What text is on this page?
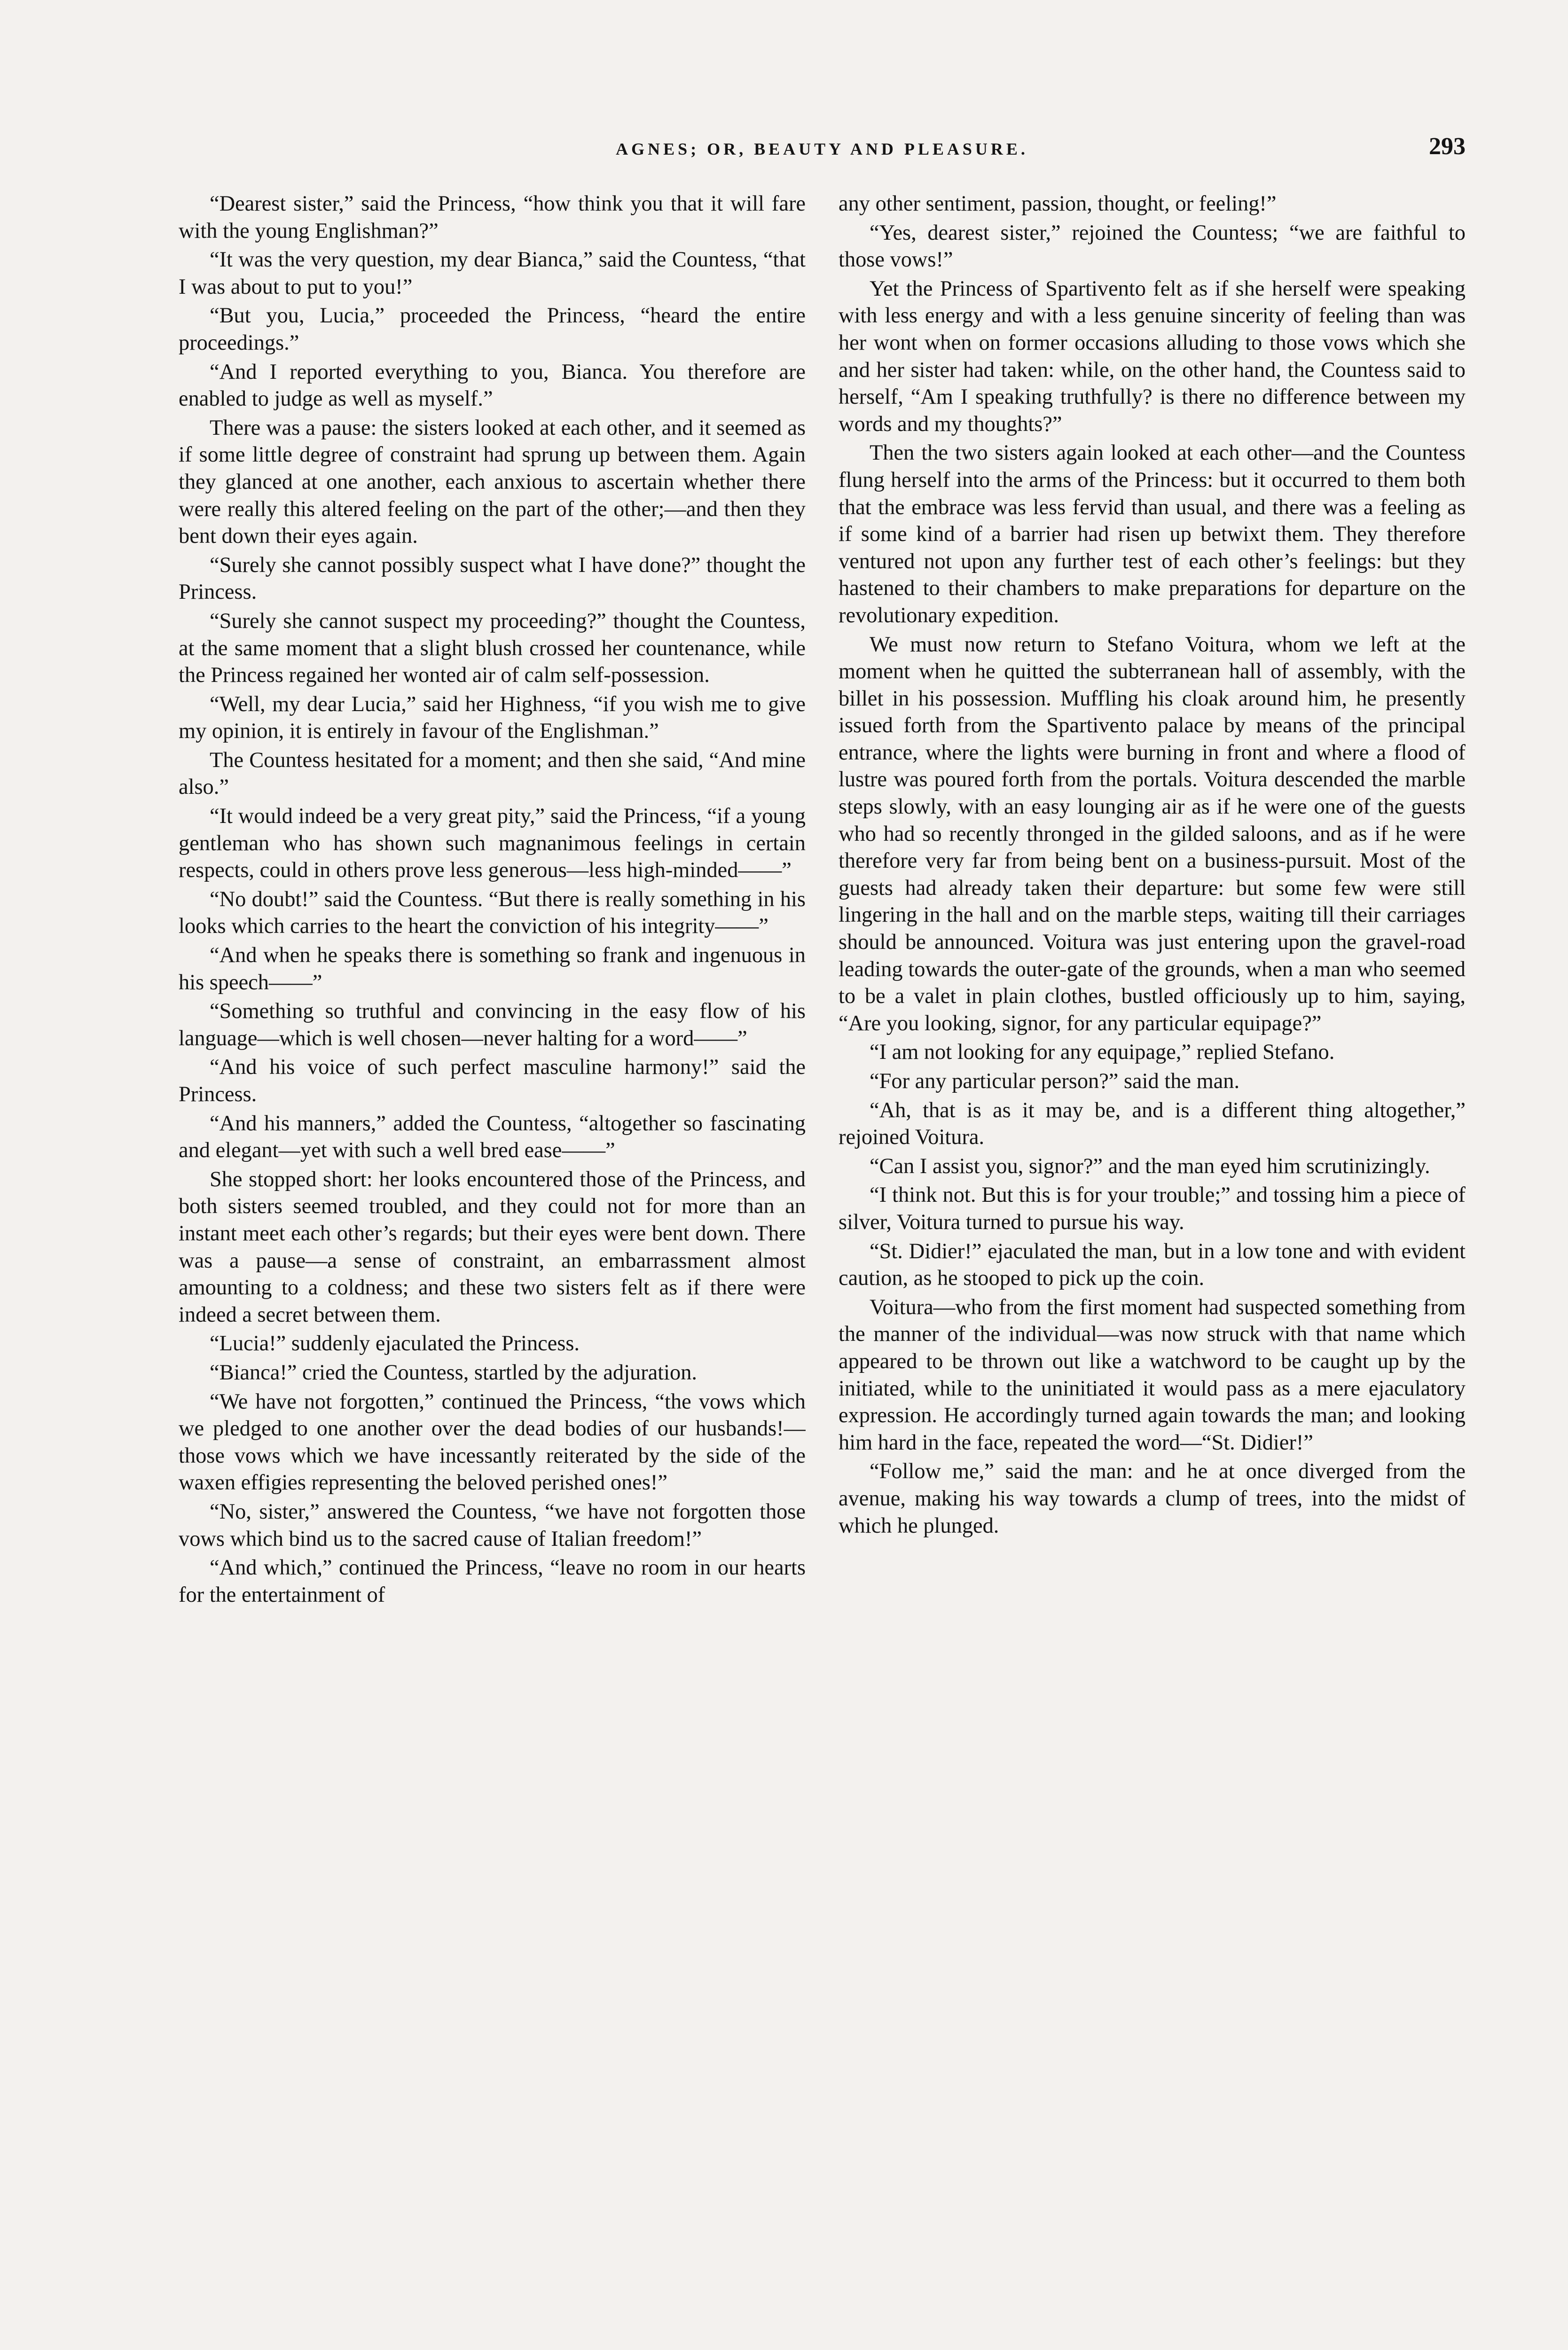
AGNES; OR, BEAUTY AND PLEASURE.	293

“Dearest sister,” said the Princess, “how think you that it will fare with the young Englishman?”

“It was the very question, my dear Bianca,” said the Countess, “that I was about to put to you!”

“But you, Lucia,” proceeded the Princess, “heard the entire proceedings.”

“And I reported everything to you, Bianca. You therefore are enabled to judge as well as myself.”

There was a pause: the sisters looked at each other, and it seemed as if some little degree of constraint had sprung up between them. Again they glanced at one another, each anxious to ascertain whether there were really this altered feeling on the part of the other;—and then they bent down their eyes again.

“Surely she cannot possibly suspect what I have done?” thought the Princess.

“Surely she cannot suspect my proceeding?” thought the Countess, at the same moment that a slight blush crossed her countenance, while the Princess regained her wonted air of calm self-possession.

“Well, my dear Lucia,” said her Highness, “if you wish me to give my opinion, it is entirely in favour of the Englishman.”

The Countess hesitated for a moment; and then she said, “And mine also.”

“It would indeed be a very great pity,” said the Princess, “if a young gentleman who has shown such magnanimous feelings in certain respects, could in others prove less generous—less high-minded——”

“No doubt!” said the Countess. “But there is really something in his looks which carries to the heart the conviction of his integrity——”

“And when he speaks there is something so frank and ingenuous in his speech——”

“Something so truthful and convincing in the easy flow of his language—which is well chosen—never halting for a word——”

“And his voice of such perfect masculine harmony!” said the Princess.

“And his manners,” added the Countess, “altogether so fascinating and elegant—yet with such a well bred ease——”

She stopped short: her looks encountered those of the Princess, and both sisters seemed troubled, and they could not for more than an instant meet each other’s regards; but their eyes were bent down. There was a pause—a sense of constraint, an embarrassment almost amounting to a coldness; and these two sisters felt as if there were indeed a secret between them.

“Lucia!” suddenly ejaculated the Princess.

“Bianca!” cried the Countess, startled by the adjuration.

“We have not forgotten,” continued the Princess, “the vows which we pledged to one another over the dead bodies of our husbands!—those vows which we have incessantly reiterated by the side of the waxen effigies representing the beloved perished ones!”

“No, sister,” answered the Countess, “we have not forgotten those vows which bind us to the sacred cause of Italian freedom!”

“And which,” continued the Princess, “leave no room in our hearts for the entertainment of

any other sentiment, passion, thought, or feeling!”

“Yes, dearest sister,” rejoined the Countess; “we are faithful to those vows!”

Yet the Princess of Spartivento felt as if she herself were speaking with less energy and with a less genuine sincerity of feeling than was her wont when on former occasions alluding to those vows which she and her sister had taken: while, on the other hand, the Countess said to herself, “Am I speaking truthfully? is there no difference between my words and my thoughts?”

Then the two sisters again looked at each other—and the Countess flung herself into the arms of the Princess: but it occurred to them both that the embrace was less fervid than usual, and there was a feeling as if some kind of a barrier had risen up betwixt them. They therefore ventured not upon any further test of each other’s feelings: but they hastened to their chambers to make preparations for departure on the revolutionary expedition.

We must now return to Stefano Voitura, whom we left at the moment when he quitted the subterranean hall of assembly, with the billet in his possession. Muffling his cloak around him, he presently issued forth from the Spartivento palace by means of the principal entrance, where the lights were burning in front and where a flood of lustre was poured forth from the portals. Voitura descended the marble steps slowly, with an easy lounging air as if he were one of the guests who had so recently thronged in the gilded saloons, and as if he were therefore very far from being bent on a business-pursuit. Most of the guests had already taken their departure: but some few were still lingering in the hall and on the marble steps, waiting till their carriages should be announced. Voitura was just entering upon the gravel-road leading towards the outer-gate of the grounds, when a man who seemed to be a valet in plain clothes, bustled officiously up to him, saying, “Are you looking, signor, for any particular equipage?”

“I am not looking for any equipage,” replied Stefano.

“For any particular person?” said the man.

“Ah, that is as it may be, and is a different thing altogether,” rejoined Voitura.

“Can I assist you, signor?” and the man eyed him scrutinizingly.

“I think not. But this is for your trouble;” and tossing him a piece of silver, Voitura turned to pursue his way.

“St. Didier!” ejaculated the man, but in a low tone and with evident caution, as he stooped to pick up the coin.

Voitura—who from the first moment had suspected something from the manner of the individual—was now struck with that name which appeared to be thrown out like a watchword to be caught up by the initiated, while to the uninitiated it would pass as a mere ejaculatory expression. He accordingly turned again towards the man; and looking him hard in the face, repeated the word—“St. Didier!”

“Follow me,” said the man: and he at once diverged from the avenue, making his way towards a clump of trees, into the midst of which he plunged.
